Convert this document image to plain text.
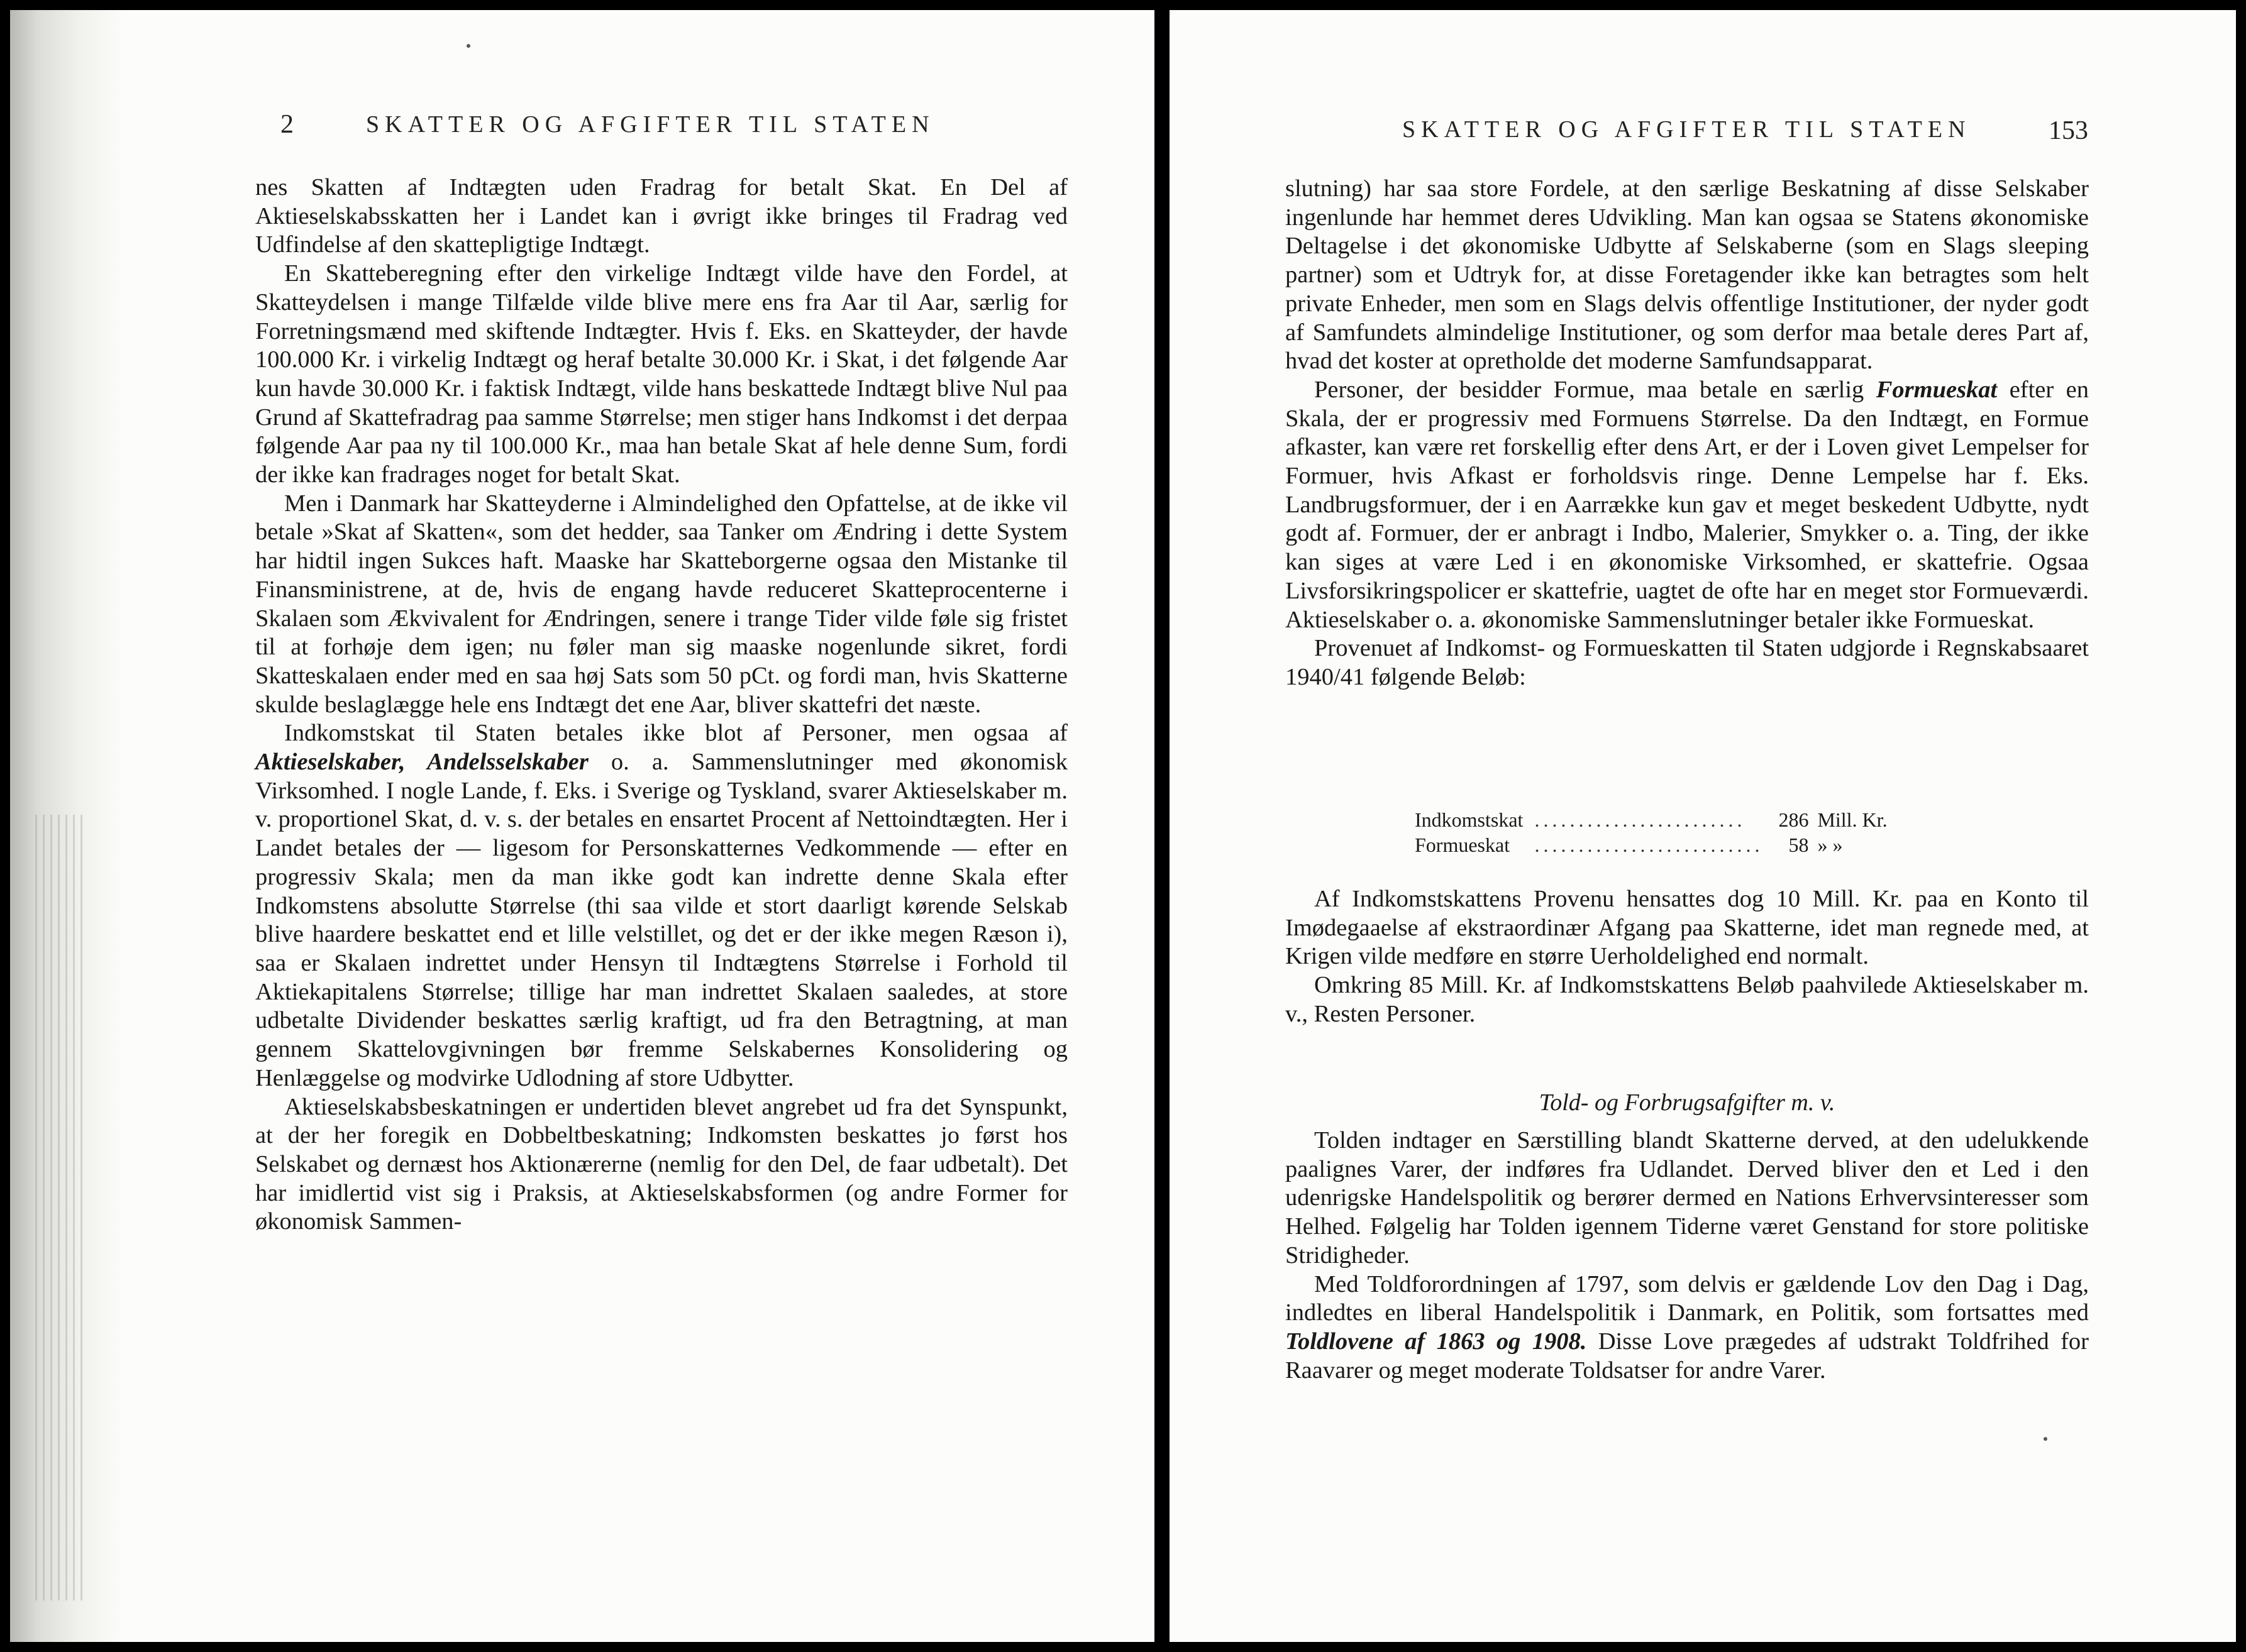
2	SKATTER OG AFGIFTER TIL STATEN

nes Skatten af Indtægten uden Fradrag for betalt Skat. En Del af Aktieselskabsskatten her i Landet kan i øvrigt ikke bringes til Fradrag ved Udfindelse af den skattepligtige Indtægt.

En Skatteberegning efter den virkelige Indtægt vilde have den Fordel, at Skatteydelsen i mange Tilfælde vilde blive mere ens fra Aar til Aar, særlig for Forretningsmænd med skiftende Indtægter. Hvis f. Eks. en Skatteyder, der havde 100.000 Kr. i virkelig Indtægt og heraf betalte 30.000 Kr. i Skat, i det følgende Aar kun havde 30.000 Kr. i faktisk Indtægt, vilde hans beskattede Indtægt blive Nul paa Grund af Skattefradrag paa samme Størrelse; men stiger hans Indkomst i det derpaa følgende Aar paa ny til 100.000 Kr., maa han betale Skat af hele denne Sum, fordi der ikke kan fradrages noget for betalt Skat.

Men i Danmark har Skatteyderne i Almindelighed den Opfattelse, at de ikke vil betale »Skat af Skatten«, som det hedder, saa Tanker om Ændring i dette System har hidtil ingen Sukces haft. Maaske har Skatteborgerne ogsaa den Mistanke til Finansministrene, at de, hvis de engang havde reduceret Skatteprocenterne i Skalaen som Ækvivalent for Ændringen, senere i trange Tider vilde føle sig fristet til at forhøje dem igen; nu føler man sig maaske nogenlunde sikret, fordi Skatteskalaen ender med en saa høj Sats som 50 pCt. og fordi man, hvis Skatterne skulde beslaglægge hele ens Indtægt det ene Aar, bliver skattefri det næste.

Indkomstskat til Staten betales ikke blot af Personer, men ogsaa af Aktieselskaber, Andelsselskaber o. a. Sammenslutninger med økonomisk Virksomhed. I nogle Lande, f. Eks. i Sverige og Tyskland, svarer Aktieselskaber m. v. proportionel Skat, d. v. s. der betales en ensartet Procent af Nettoindtægten. Her i Landet betales der — ligesom for Personskatternes Vedkommende — efter en progressiv Skala; men da man ikke godt kan indrette denne Skala efter Indkomstens absolutte Størrelse (thi saa vilde et stort daarligt kørende Selskab blive haardere beskattet end et lille velstillet, og det er der ikke megen Ræson i), saa er Skalaen indrettet under Hensyn til Indtægtens Størrelse i Forhold til Aktiekapitalens Størrelse; tillige har man indrettet Skalaen saaledes, at store udbetalte Dividender beskattes særlig kraftigt, ud fra den Betragtning, at man gennem Skattelovgivningen bør fremme Selskabernes Konsolidering og Henlæggelse og modvirke Udlodning af store Udbytter.

Aktieselskabsbeskatningen er undertiden blevet angrebet ud fra det Synspunkt, at der her foregik en Dobbeltbeskatning; Indkomsten beskattes jo først hos Selskabet og dernæst hos Aktionærerne (nemlig for den Del, de faar udbetalt). Det har imidlertid vist sig i Praksis, at Aktieselskabsformen (og andre Former for økonomisk Sammen-

SKATTER OG AFGIFTER TIL STATEN	153

slutning) har saa store Fordele, at den særlige Beskatning af disse Selskaber ingenlunde har hemmet deres Udvikling. Man kan ogsaa se Statens økonomiske Deltagelse i det økonomiske Udbytte af Selskaberne (som en Slags sleeping partner) som et Udtryk for, at disse Foretagender ikke kan betragtes som helt private Enheder, men som en Slags delvis offentlige Institutioner, der nyder godt af Samfundets almindelige Institutioner, og som derfor maa betale deres Part af, hvad det koster at opretholde det moderne Samfundsapparat.

Personer, der besidder Formue, maa betale en særlig Formueskat efter en Skala, der er progressiv med Formuens Størrelse. Da den Indtægt, en Formue afkaster, kan være ret forskellig efter dens Art, er der i Loven givet Lempelser for Formuer, hvis Afkast er forholdsvis ringe. Denne Lempelse har f. Eks. Landbrugsformuer, der i en Aarrække kun gav et meget beskedent Udbytte, nydt godt af. Formuer, der er anbragt i Indbo, Malerier, Smykker o. a. Ting, der ikke kan siges at være Led i en økonomiske Virksomhed, er skattefrie. Ogsaa Livsforsikringspolicer er skattefrie, uagtet de ofte har en meget stor Formueværdi. Aktieselskaber o. a. økonomiske Sammenslutninger betaler ikke Formueskat.

Provenuet af Indkomst- og Formueskatten til Staten udgjorde i Regnskabsaaret 1940/41 følgende Beløb:

Indkomstskat	........................	286	Mill. Kr.
Formueskat	..........................	58	» »

Af Indkomstskattens Provenu hensattes dog 10 Mill. Kr. paa en Konto til Imødegaaelse af ekstraordinær Afgang paa Skatterne, idet man regnede med, at Krigen vilde medføre en større Uerholdelighed end normalt.

Omkring 85 Mill. Kr. af Indkomstskattens Beløb paahvilede Aktieselskaber m. v., Resten Personer.

Told- og Forbrugsafgifter m. v.

Tolden indtager en Særstilling blandt Skatterne derved, at den udelukkende paalignes Varer, der indføres fra Udlandet. Derved bliver den et Led i den udenrigske Handelspolitik og berører dermed en Nations Erhvervsinteresser som Helhed. Følgelig har Tolden igennem Tiderne været Genstand for store politiske Stridigheder.

Med Toldforordningen af 1797, som delvis er gældende Lov den Dag i Dag, indledtes en liberal Handelspolitik i Danmark, en Politik, som fortsattes med Toldlovene af 1863 og 1908. Disse Love prægedes af udstrakt Toldfrihed for Raavarer og meget moderate Toldsatser for andre Varer.
